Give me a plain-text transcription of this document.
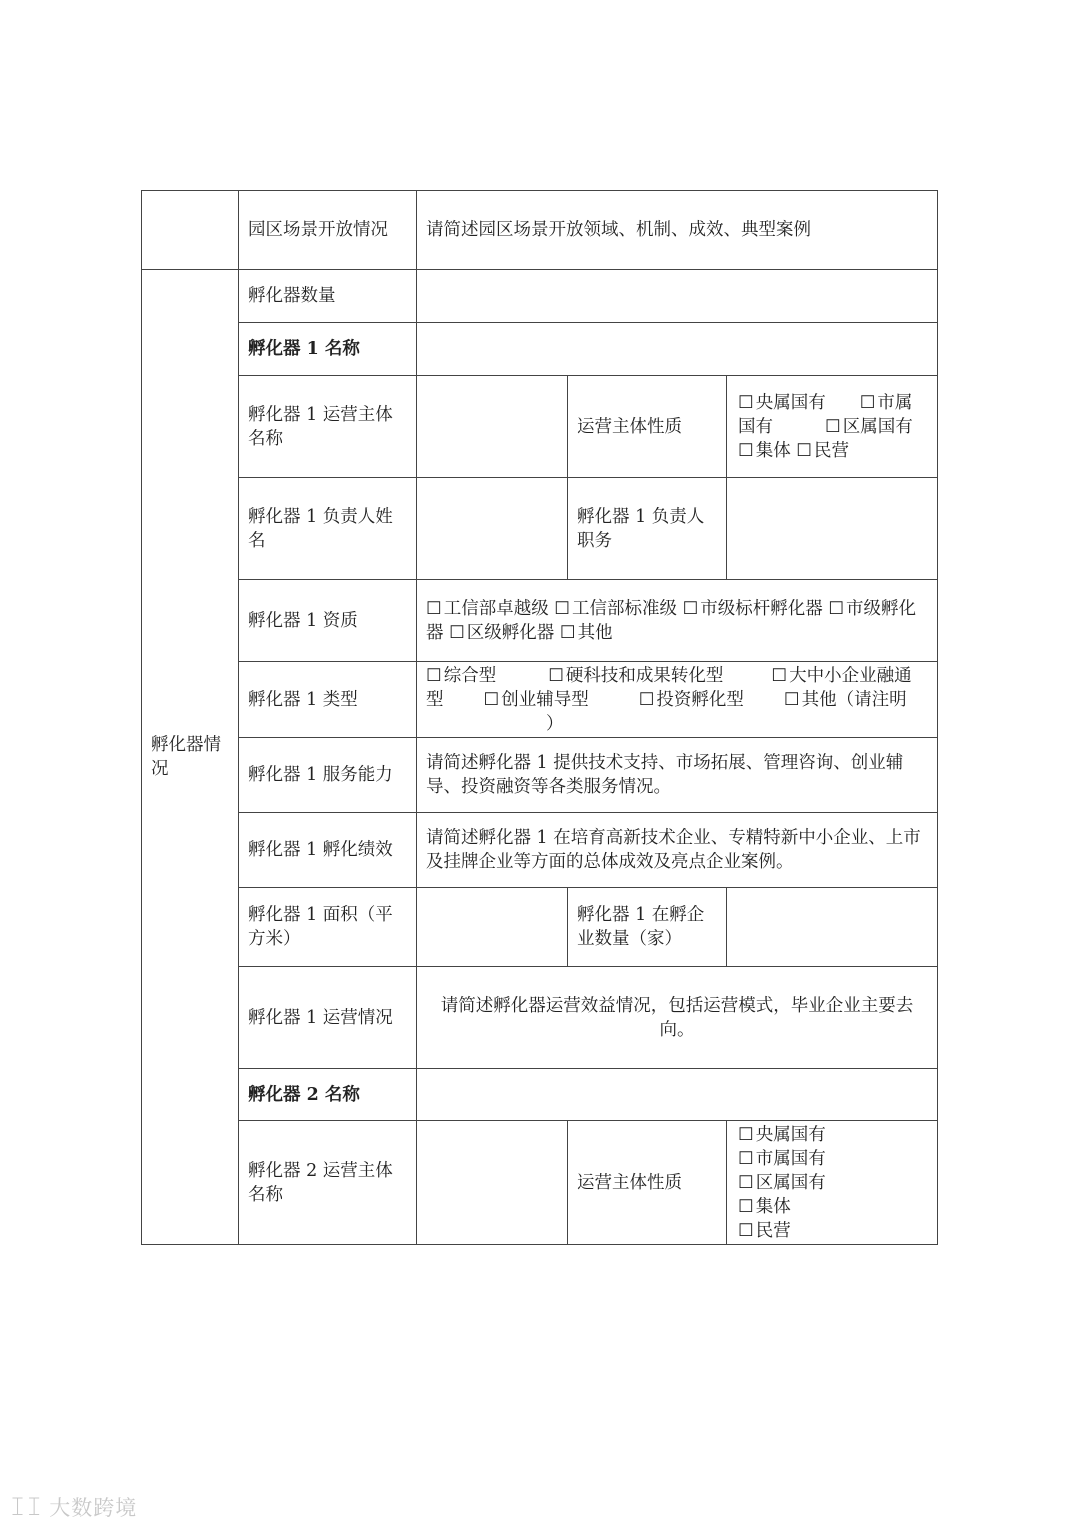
	园区场景开放情况	请简述园区场景开放领域、机制、成效、典型案例		
孵化器情况	孵化器数量			
	孵化器 1 名称			
	孵化器 1 运营主体名称		运营主体性质	☐ 央属国有 ☐ 市属国有 ☐ 区属国有 ☐ 集体 ☐ 民营
	孵化器 1 负责人姓名		孵化器 1 负责人职务	
	孵化器 1 资质	☐ 工信部卓越级 ☐ 工信部标准级 ☐ 市级标杆孵化器 ☐ 市级孵化器 ☐ 区级孵化器 ☐ 其他		
	孵化器 1 类型	☐ 综合型 ☐ 硬科技和成果转化型 ☐ 大中小企业融通型 ☐ 创业辅导型 ☐ 投资孵化型 ☐ 其他（请注明）		
	孵化器 1 服务能力	请简述孵化器 1 提供技术支持、市场拓展、管理咨询、创业辅导、投资融资等各类服务情况。		
	孵化器 1 孵化绩效	请简述孵化器 1 在培育高新技术企业、专精特新中小企业、上市及挂牌企业等方面的总体成效及亮点企业案例。		
	孵化器 1 面积（平方米）		孵化器 1 在孵企业数量（家）	
	孵化器 1 运营情况	请简述孵化器运营效益情况，包括运营模式，毕业企业主要去向。		
	孵化器 2 名称			
	孵化器 2 运营主体名称		运营主体性质	☐ 央属国有
☐ 市属国有
☐ 区属国有
☐ 集体
☐ 民营
ꀤꀤ 大数跨境
